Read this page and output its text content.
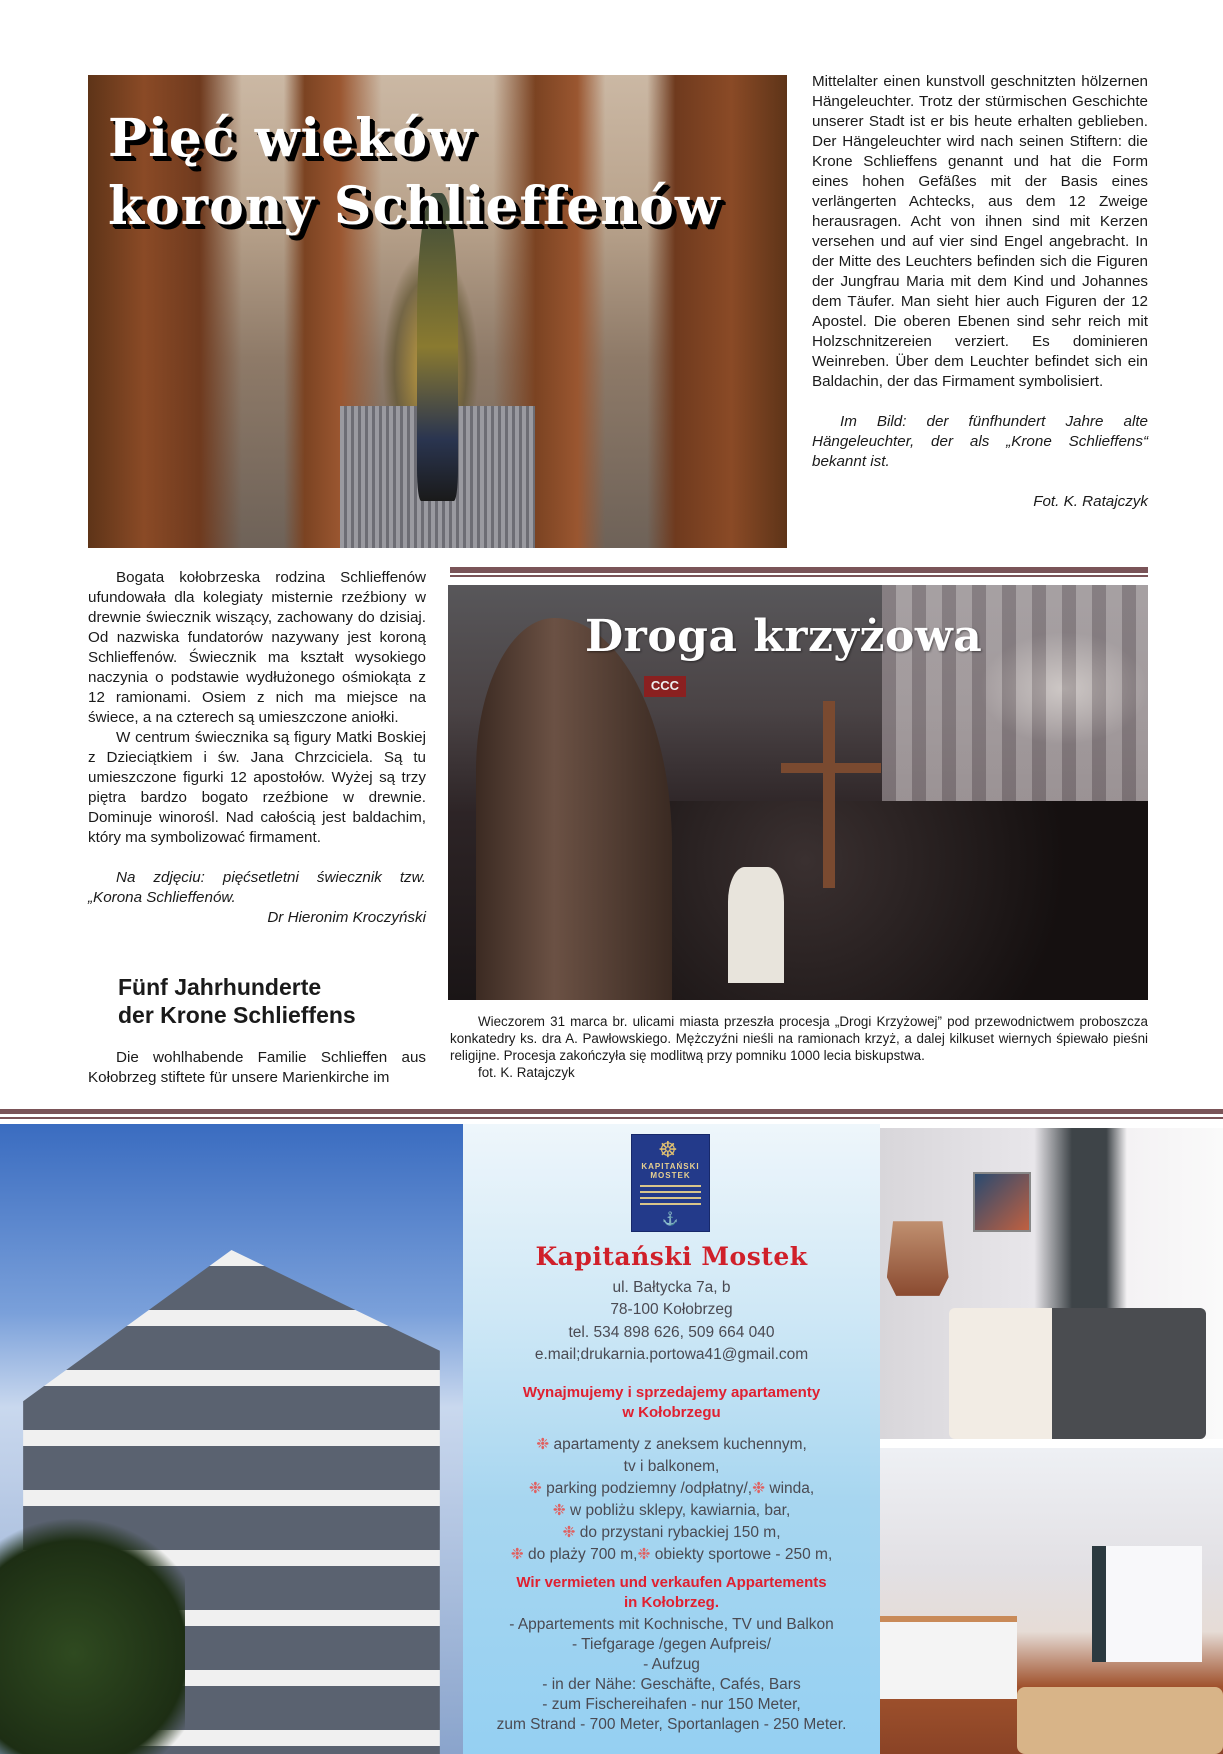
Pięć wieków
korony Schlieffenów
Mittelalter einen kunstvoll geschnitzten hölzernen Hängeleuchter. Trotz der stürmischen Geschichte unserer Stadt ist er bis heute erhalten geblieben. Der Hängeleuchter wird nach seinen Stiftern: die Krone Schlieffens genannt und hat die Form eines hohen Gefäßes mit der Basis eines verlängerten Achtecks, aus dem 12 Zweige herausragen. Acht von ihnen sind mit Kerzen versehen und auf vier sind Engel angebracht. In der Mitte des Leuchters befinden sich die Figuren der Jungfrau Maria mit dem Kind und Johannes dem Täufer. Man sieht hier auch Figuren der 12 Apostel. Die oberen Ebenen sind sehr reich mit Holzschnitzereien verziert. Es dominieren Weinreben. Über dem Leuchter befindet sich ein Baldachin, der das Firmament symbolisiert.
Im Bild: der fünfhundert Jahre alte Hängeleuchter, der als „Krone Schlieffens“ bekannt ist.
Fot. K. Ratajczyk
Bogata kołobrzeska rodzina Schlieffenów ufundowała dla kolegiaty misternie rzeźbiony w drewnie świecznik wiszący, zachowany do dzisiaj. Od nazwiska fundatorów nazywany jest koroną Schlieffenów. Świecznik ma kształt wysokiego naczynia o podstawie wydłużonego ośmiokąta z 12 ramionami. Osiem z nich ma miejsce na świece, a na czterech są umieszczone aniołki.
W centrum świecznika są figury Matki Boskiej z Dzieciątkiem i św. Jana Chrzciciela. Są tu umieszczone figurki 12 apostołów. Wyżej są trzy piętra bardzo bogato rzeźbione w drewnie. Dominuje winorośl. Nad całością jest baldachim, który ma symbolizować firmament.
Na zdjęciu: pięćsetletni świecznik tzw. „Korona Schlieffenów.
Dr Hieronim Kroczyński
Fünf Jahrhunderte
der Krone Schlieffens
Die wohlhabende Familie Schlieffen aus Kołobrzeg stiftete für unsere Marienkirche im
CCC
Droga krzyżowa
Wieczorem 31 marca br. ulicami miasta przeszła procesja „Drogi Krzyżowej” pod przewodnictwem proboszcza konkatedry ks. dra A. Pawłowskiego. Mężczyźni nieśli na ramionach krzyż, a dalej kilkuset wiernych śpiewało pieśni religijne. Procesja zakończyła się modlitwą przy pomniku 1000 lecia biskupstwa.
fot. K. Ratajczyk
☸
KAPITAŃSKI
MOSTEK
⚓
Kapitański Mostek
ul. Bałtycka 7a, b
78-100 Kołobrzeg
tel. 534 898 626, 509 664 040
e.mail;drukarnia.portowa41@gmail.com
Wynajmujemy i sprzedajemy apartamenty
w Kołobrzegu
❉ apartamenty z aneksem kuchennym,
tv i balkonem,
❉ parking podziemny /odpłatny/,❉ winda,
❉ w pobliżu sklepy, kawiarnia, bar,
❉ do przystani rybackiej 150 m,
❉ do plaży 700 m,❉ obiekty sportowe - 250 m,
Wir vermieten und verkaufen Appartements
in Kołobrzeg.
- Appartements mit Kochnische, TV und Balkon
- Tiefgarage /gegen Aufpreis/
- Aufzug
- in der Nähe: Geschäfte, Cafés, Bars
- zum Fischereihafen - nur 150 Meter,
zum Strand - 700 Meter, Sportanlagen - 250 Meter.
